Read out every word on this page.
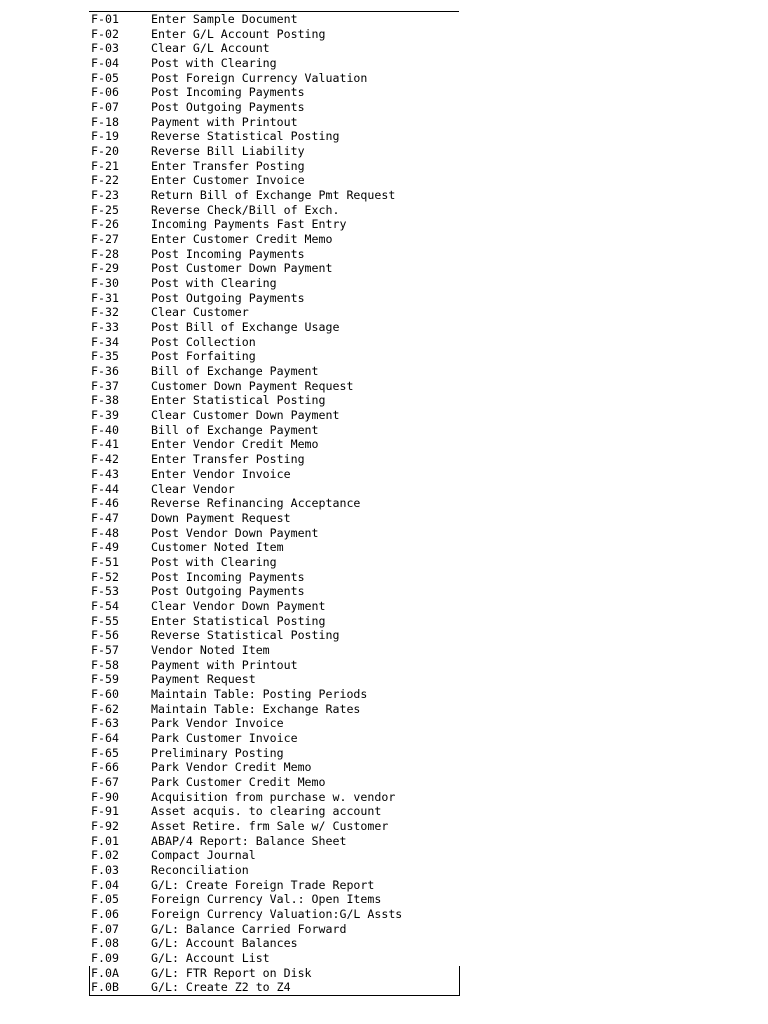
F-01	Enter Sample Document
F-02	Enter G/L Account Posting
F-03	Clear G/L Account
F-04	Post with Clearing
F-05	Post Foreign Currency Valuation
F-06	Post Incoming Payments
F-07	Post Outgoing Payments
F-18	Payment with Printout
F-19	Reverse Statistical Posting
F-20	Reverse Bill Liability
F-21	Enter Transfer Posting
F-22	Enter Customer Invoice
F-23	Return Bill of Exchange Pmt Request
F-25	Reverse Check/Bill of Exch.
F-26	Incoming Payments Fast Entry
F-27	Enter Customer Credit Memo
F-28	Post Incoming Payments
F-29	Post Customer Down Payment
F-30	Post with Clearing
F-31	Post Outgoing Payments
F-32	Clear Customer
F-33	Post Bill of Exchange Usage
F-34	Post Collection
F-35	Post Forfaiting
F-36	Bill of Exchange Payment
F-37	Customer Down Payment Request
F-38	Enter Statistical Posting
F-39	Clear Customer Down Payment
F-40	Bill of Exchange Payment
F-41	Enter Vendor Credit Memo
F-42	Enter Transfer Posting
F-43	Enter Vendor Invoice
F-44	Clear Vendor
F-46	Reverse Refinancing Acceptance
F-47	Down Payment Request
F-48	Post Vendor Down Payment
F-49	Customer Noted Item
F-51	Post with Clearing
F-52	Post Incoming Payments
F-53	Post Outgoing Payments
F-54	Clear Vendor Down Payment
F-55	Enter Statistical Posting
F-56	Reverse Statistical Posting
F-57	Vendor Noted Item
F-58	Payment with Printout
F-59	Payment Request
F-60	Maintain Table: Posting Periods
F-62	Maintain Table: Exchange Rates
F-63	Park Vendor Invoice
F-64	Park Customer Invoice
F-65	Preliminary Posting
F-66	Park Vendor Credit Memo
F-67	Park Customer Credit Memo
F-90	Acquisition from purchase w. vendor
F-91	Asset acquis. to clearing account
F-92	Asset Retire. frm Sale w/ Customer
F.01	ABAP/4 Report: Balance Sheet
F.02	Compact Journal
F.03	Reconciliation
F.04	G/L: Create Foreign Trade Report
F.05	Foreign Currency Val.: Open Items
F.06	Foreign Currency Valuation:G/L Assts
F.07	G/L: Balance Carried Forward
F.08	G/L: Account Balances
F.09	G/L: Account List
F.0A	G/L: FTR Report on Disk
F.0B	G/L: Create Z2 to Z4
